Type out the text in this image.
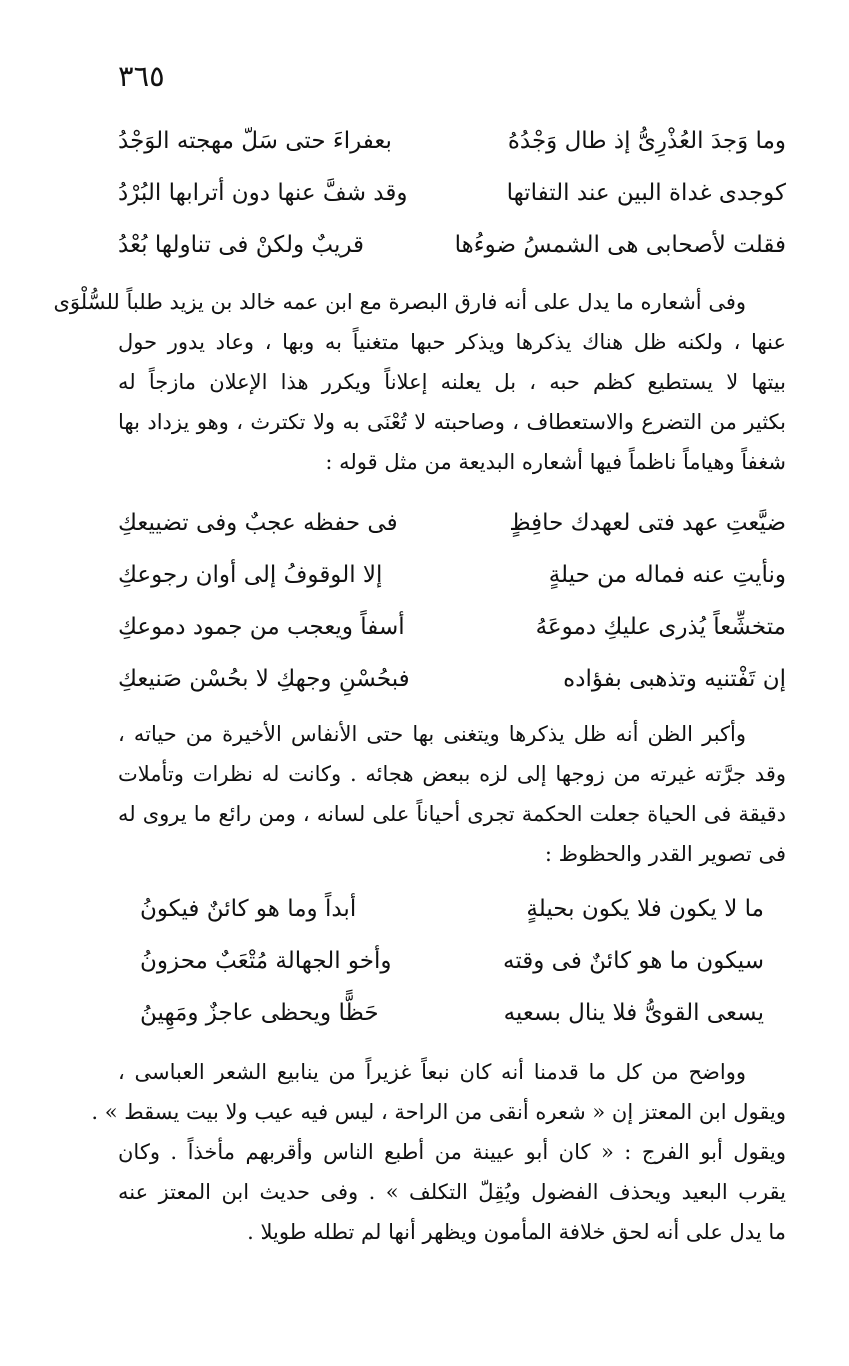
٣٦٥
وما وَجدَ العُذْرِىُّ إذ طال وَجْدُهُ
بعفراءَ حتى سَلّ مهجته الوَجْدُ
كوجدى غداة البين عند التفاتها
وقد شفَّ عنها دون أترابها البُرْدُ
فقلت لأصحابى هى الشمسُ ضوءُها
قريبٌ ولكنْ فى تناولها بُعْدُ
وفى أشعاره ما يدل على أنه فارق البصرة مع ابن عمه خالد بن يزيد طلباً للسُّلْوَى
عنها ، ولكنه ظل هناك يذكرها ويذكر حبها متغنياً به وبها ، وعاد يدور حول
بيتها لا يستطيع كظم حبه ، بل يعلنه إعلاناً ويكرر هذا الإعلان مازجاً له
بكثير من التضرع والاستعطاف ، وصاحبته لا تُعْنَى به ولا تكترث ، وهو يزداد بها
شغفاً وهياماً ناظماً فيها أشعاره البديعة من مثل قوله :
ضيَّعتِ عهد فتى لعهدك حافِظٍ
فى حفظه عجبٌ وفى تضييعكِ
ونأيتِ عنه فماله من حيلةٍ
إلا الوقوفُ إلى أوان رجوعكِ
متخشِّعاً يُذرى عليكِ دموعَهُ
أسفاً ويعجب من جمود دموعكِ
إن تَفْتنيه وتذهبى بفؤاده
فبحُسْنِ وجهكِ لا بحُسْن صَنيعكِ
وأكبر الظن أنه ظل يذكرها ويتغنى بها حتى الأنفاس الأخيرة من حياته ،
وقد جرَّته غيرته من زوجها إلى لزه ببعض هجائه . وكانت له نظرات وتأملات
دقيقة فى الحياة جعلت الحكمة تجرى أحياناً على لسانه ، ومن رائع ما يروى له
فى تصوير القدر والحظوظ :
ما لا يكون فلا يكون بحيلةٍ
أبداً وما هو كائنٌ فيكونُ
سيكون ما هو كائنٌ فى وقته
وأخو الجهالة مُتْعَبٌ محزونُ
يسعى القوىُّ فلا ينال بسعيه
حَظًّا ويحظى عاجزٌ ومَهِينُ
وواضح من كل ما قدمنا أنه كان نبعاً غزيراً من ينابيع الشعر العباسى ،
ويقول ابن المعتز إن « شعره أنقى من الراحة ، ليس فيه عيب ولا بيت يسقط » .
ويقول أبو الفرج : « كان أبو عيينة من أطبع الناس وأقربهم مأخذاً . وكان
يقرب البعيد ويحذف الفضول ويُقِلّ التكلف » . وفى حديث ابن المعتز عنه
ما يدل على أنه لحق خلافة المأمون ويظهر أنها لم تطله طويلا .
